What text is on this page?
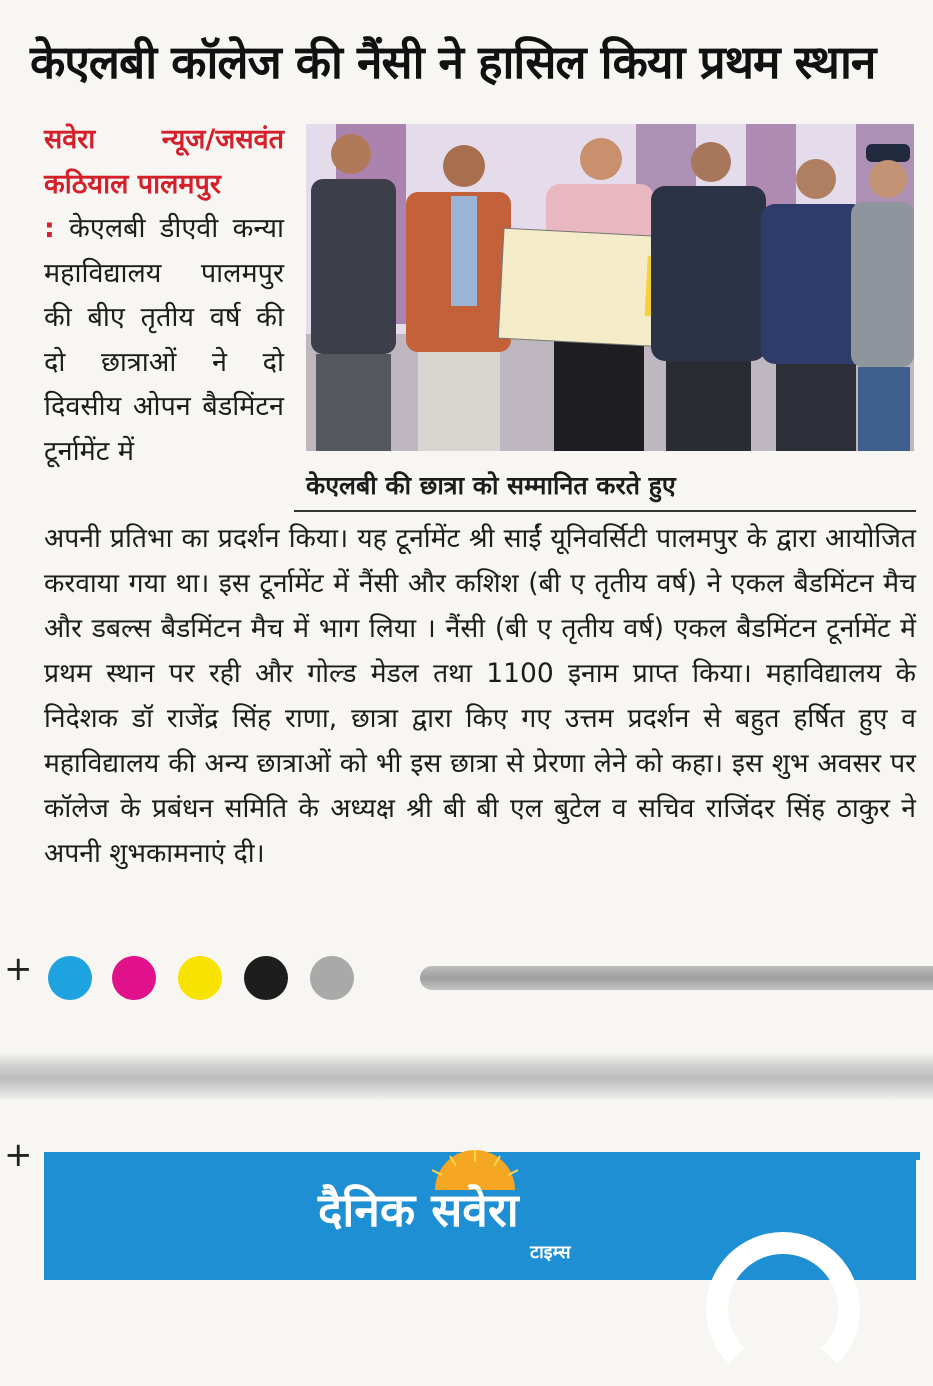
केएलबी कॉलेज की नैंसी ने हासिल किया प्रथम स्थान
सवेरा न्यूज/जसवंत कठियाल पालमपुर
: केएलबी डीएवी कन्या महाविद्यालय पालमपुर की बीए तृतीय वर्ष की दो छात्राओं ने दो दिवसीय ओपन बैडमिंटन टूर्नामेंट में
केएलबी की छात्रा को सम्मानित करते हुए
अपनी प्रतिभा का प्रदर्शन किया। यह टूर्नामेंट श्री साईं यूनिवर्सिटी पालमपुर के द्वारा आयोजित करवाया गया था। इस टूर्नामेंट में नैंसी और कशिश (बी ए तृतीय वर्ष) ने एकल बैडमिंटन मैच और डबल्स बैडमिंटन मैच में भाग लिया । नैंसी (बी ए तृतीय वर्ष) एकल बैडमिंटन टूर्नामेंट में प्रथम स्थान पर रही और गोल्ड मेडल तथा 1100 इनाम प्राप्त किया। महाविद्यालय के निदेशक डॉ राजेंद्र सिंह राणा, छात्रा द्वारा किए गए उत्तम प्रदर्शन से बहुत हर्षित हुए व महाविद्यालय की अन्य छात्राओं को भी इस छात्रा से प्रेरणा लेने को कहा। इस शुभ अवसर पर कॉलेज के प्रबंधन समिति के अध्यक्ष श्री बी बी एल बुटेल व सचिव राजिंदर सिंह ठाकुर ने अपनी शुभकामनाएं दी।
+
+
दैनिक सवेरा
टाइम्स
